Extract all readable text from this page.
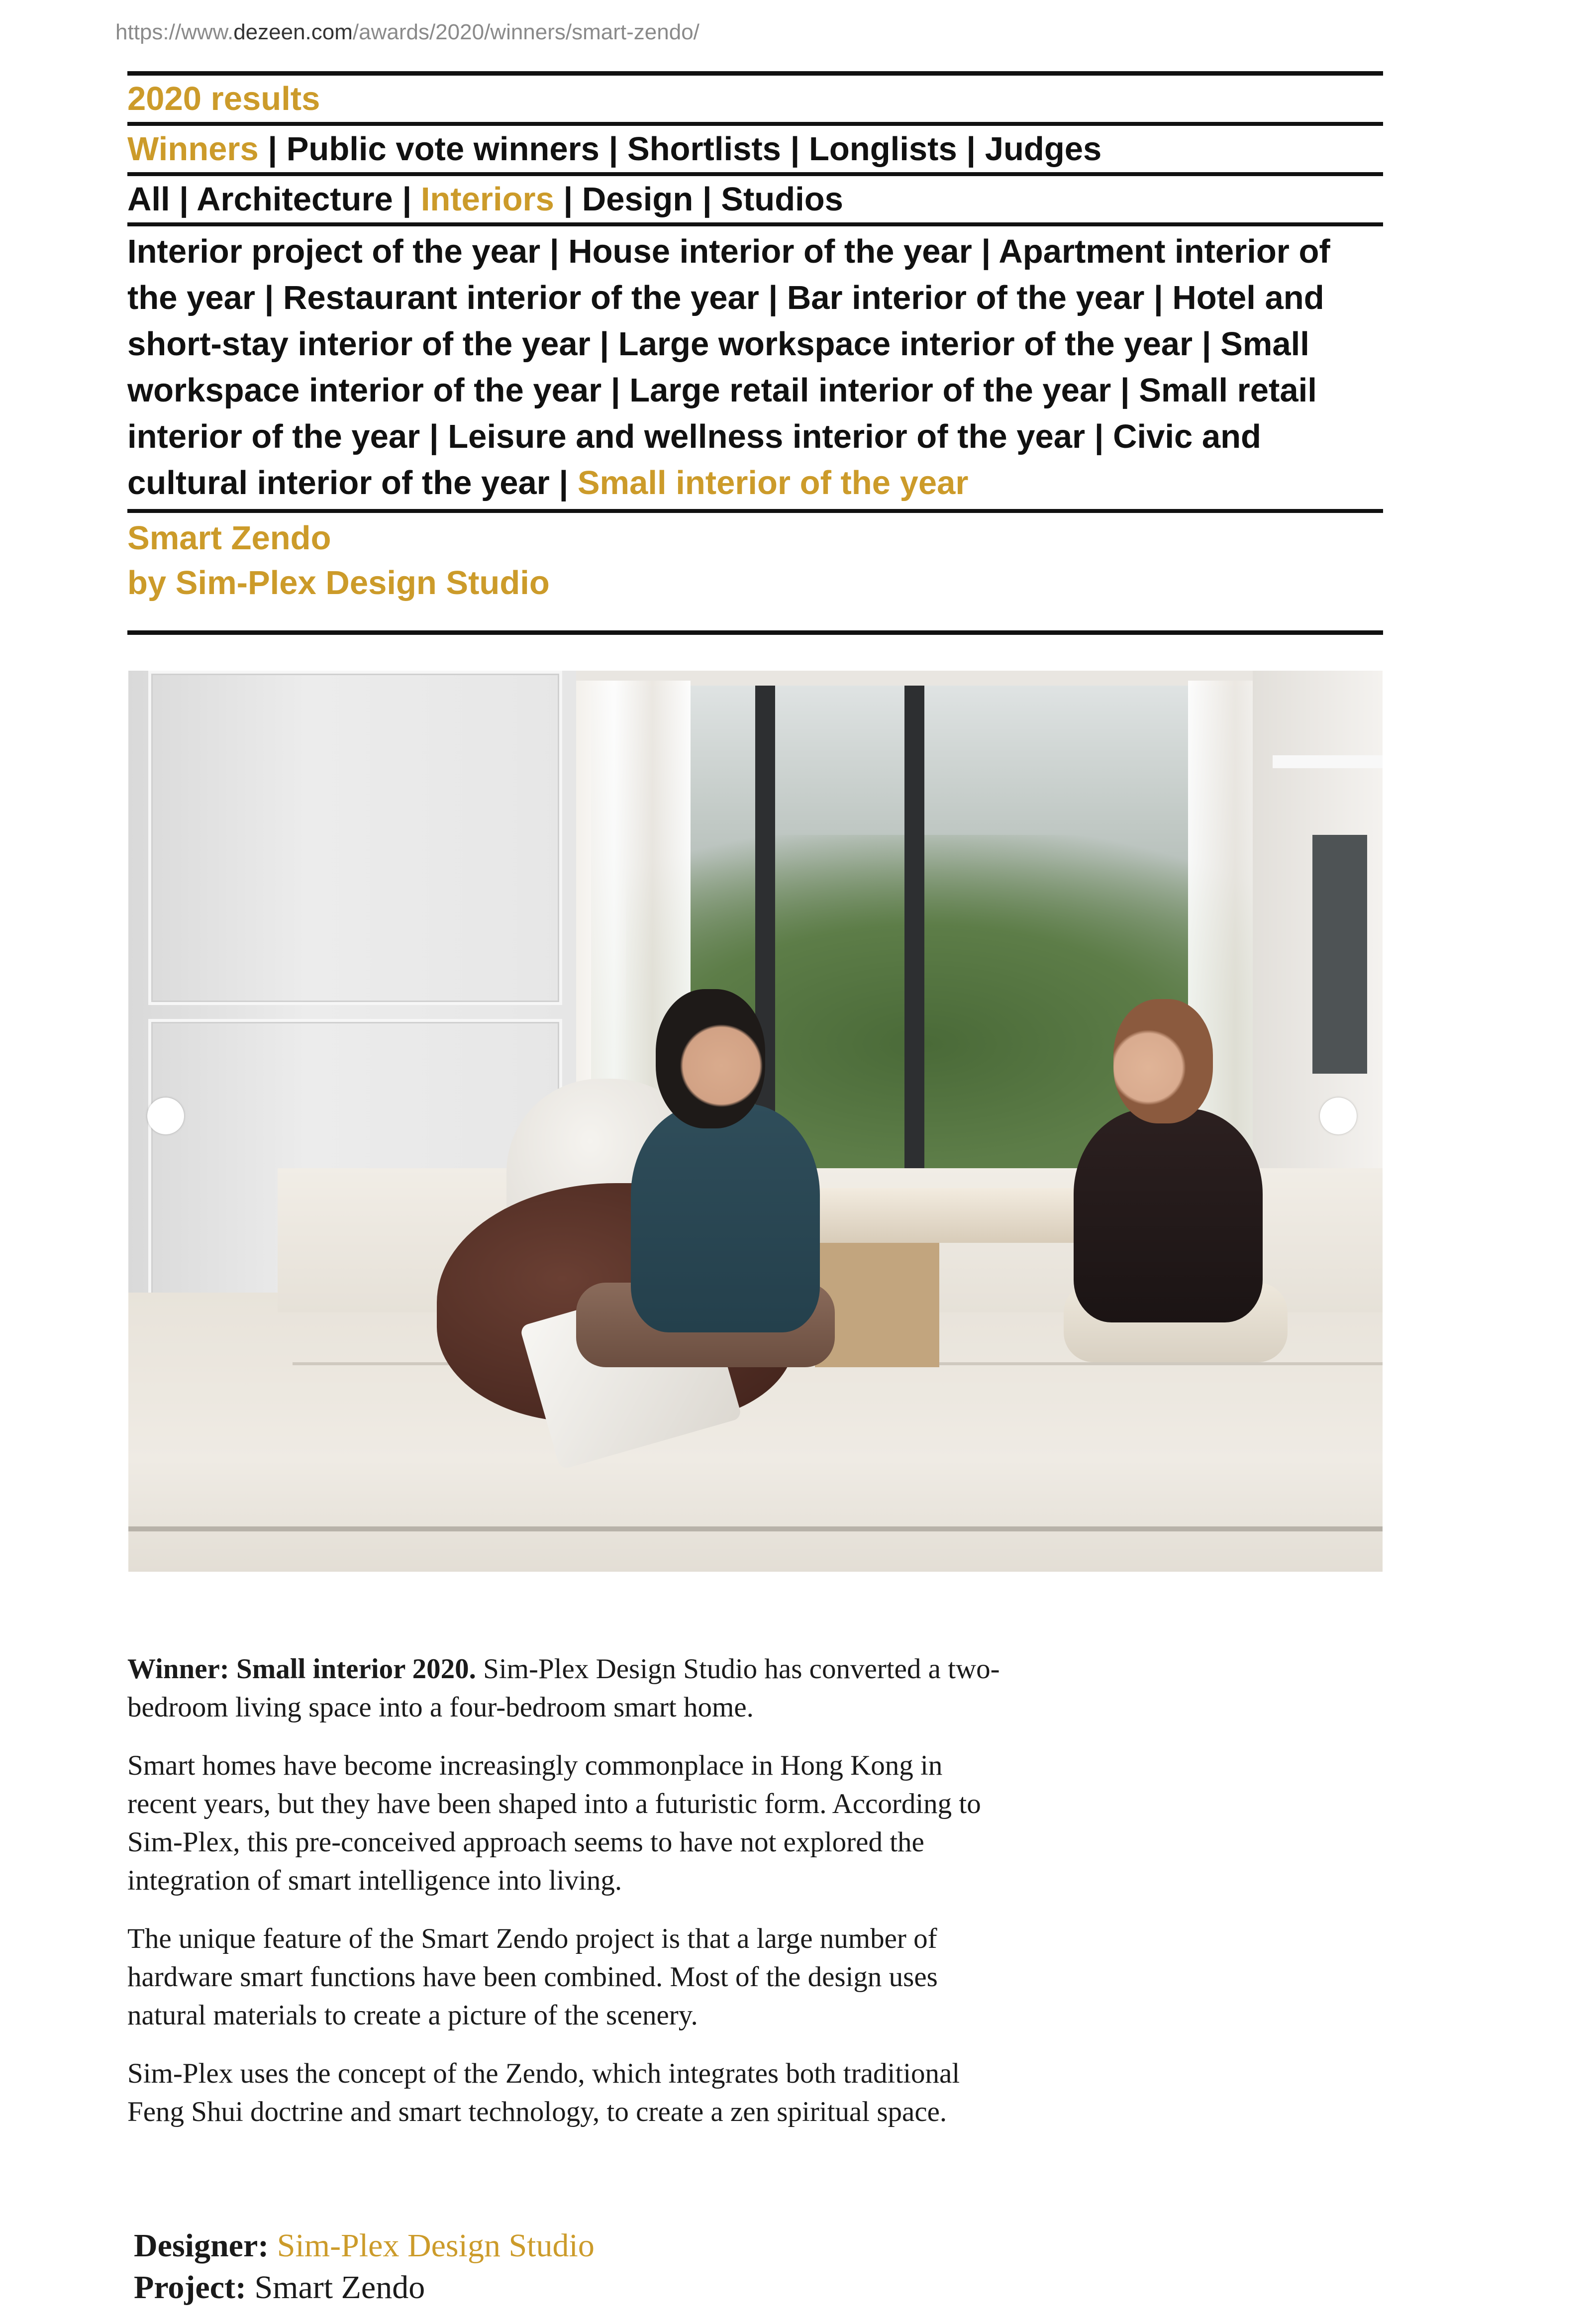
https://www.dezeen.com/awards/2020/winners/smart-zendo/
2020 results
Winners | Public vote winners | Shortlists | Longlists | Judges
All | Architecture | Interiors | Design | Studios
Interior project of the year | House interior of the year | Apartment interior of the year | Restaurant interior of the year | Bar interior of the year | Hotel and short-stay interior of the year | Large workspace interior of the year | Small workspace interior of the year | Large retail interior of the year | Small retail interior of the year | Leisure and wellness interior of the year | Civic and cultural interior of the year | Small interior of the year
Smart Zendo
by Sim-Plex Design Studio

Winner: Small interior 2020. Sim-Plex Design Studio has converted a two-bedroom living space into a four-bedroom smart home.

Smart homes have become increasingly commonplace in Hong Kong in recent years, but they have been shaped into a futuristic form. According to Sim-Plex, this pre-conceived approach seems to have not explored the integration of smart intelligence into living.

The unique feature of the Smart Zendo project is that a large number of hardware smart functions have been combined. Most of the design uses natural materials to create a picture of the scenery.

Sim-Plex uses the concept of the Zendo, which integrates both traditional Feng Shui doctrine and smart technology, to create a zen spiritual space.

Designer: Sim-Plex Design Studio
Project: Smart Zendo
